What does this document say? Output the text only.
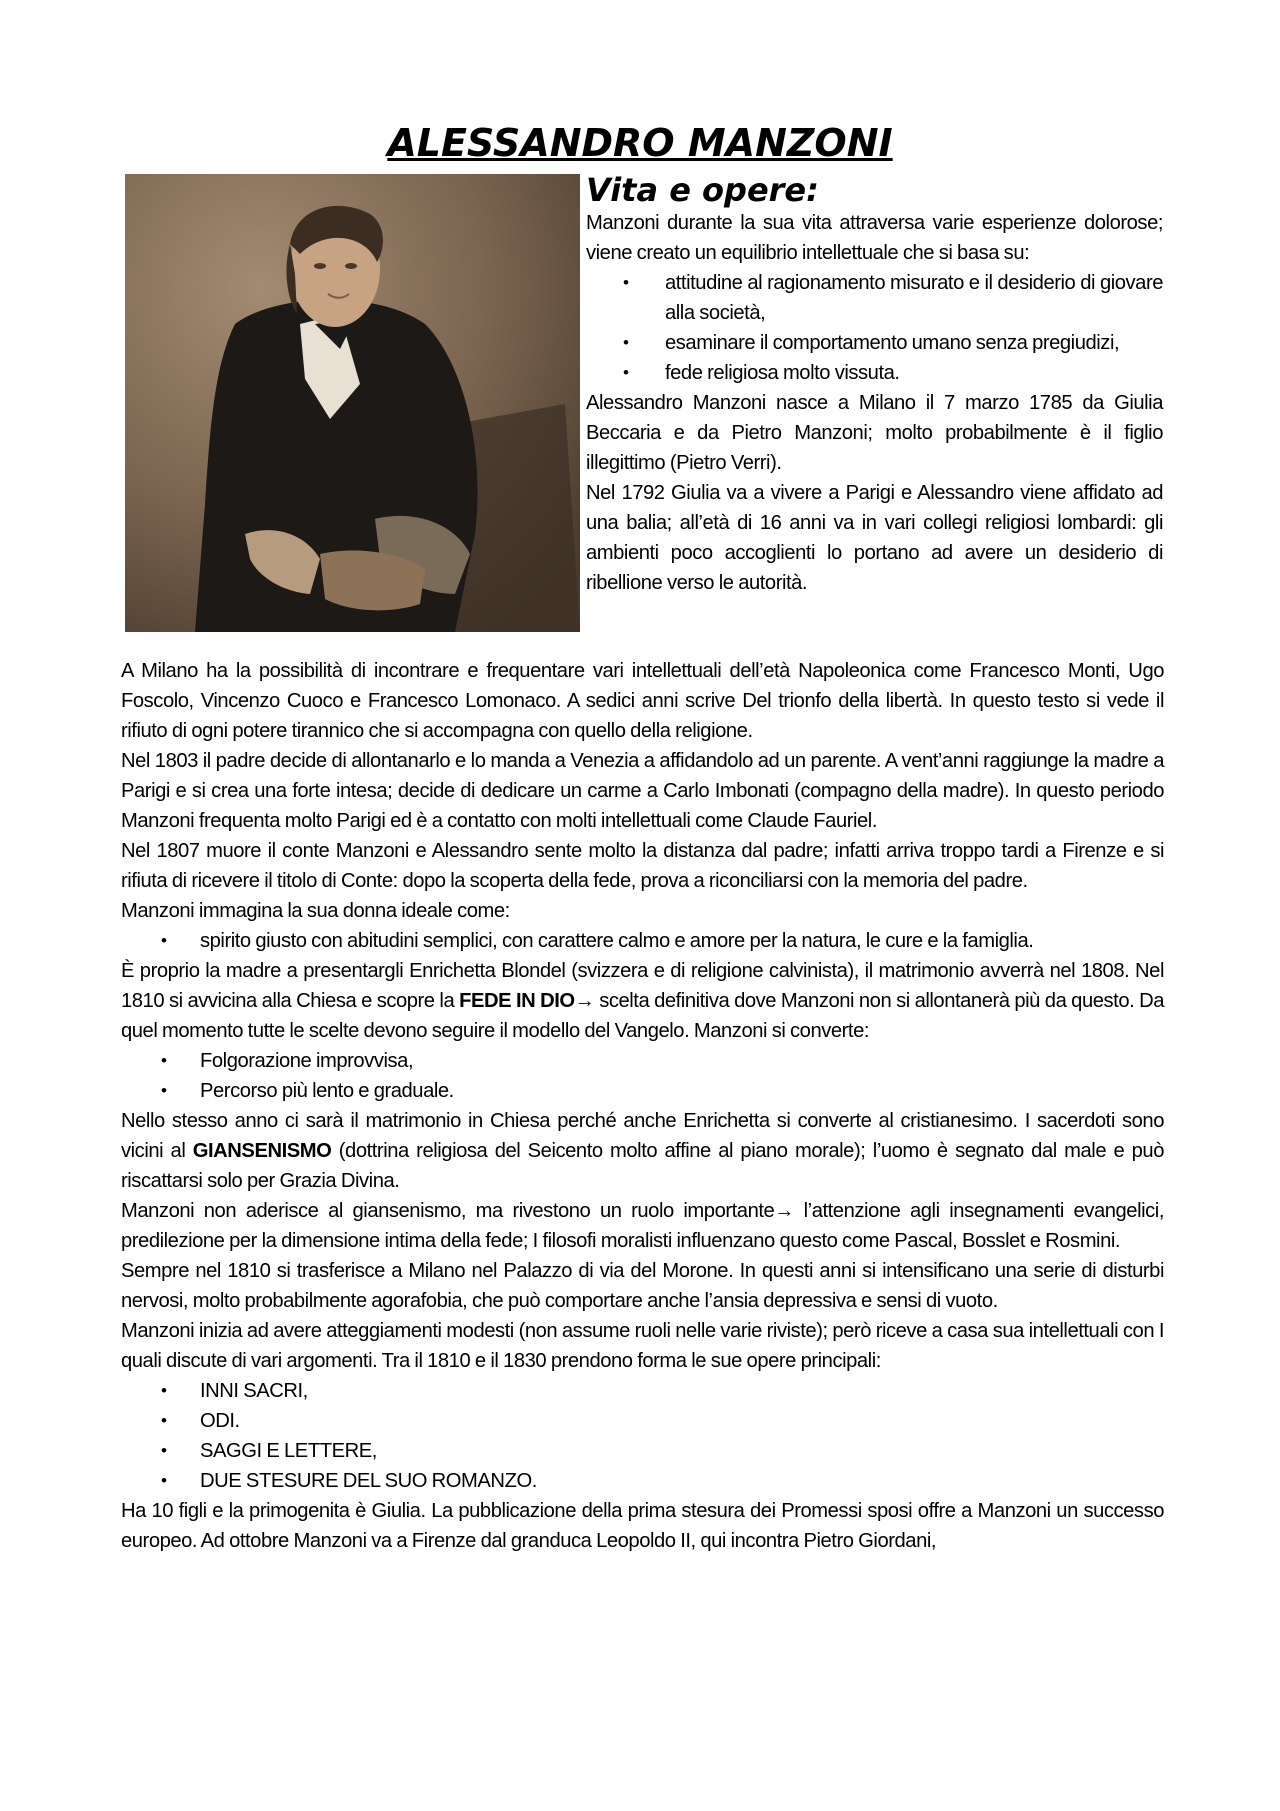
ALESSANDRO MANZONI
Vita e opere:

Manzoni durante la sua vita attraversa varie esperienze dolorose; viene creato un equilibrio intellettuale che si basa su:

• attitudine al ragionamento misurato e il desiderio di giovare alla società,
• esaminare il comportamento umano senza pregiudizi,
• fede religiosa molto vissuta.

Alessandro Manzoni nasce a Milano il 7 marzo 1785 da Giulia Beccaria e da Pietro Manzoni; molto probabilmente è il figlio illegittimo (Pietro Verri).

Nel 1792 Giulia va a vivere a Parigi e Alessandro viene affidato ad una balia; all’età di 16 anni va in vari collegi religiosi lombardi: gli ambienti poco accoglienti lo portano ad avere un desiderio di ribellione verso le autorità.

A Milano ha la possibilità di incontrare e frequentare vari intellettuali dell’età Napoleonica come Francesco Monti, Ugo Foscolo, Vincenzo Cuoco e Francesco Lomonaco. A sedici anni scrive Del trionfo della libertà. In questo testo si vede il rifiuto di ogni potere tirannico che si accompagna con quello della religione.

Nel 1803 il padre decide di allontanarlo e lo manda a Venezia a affidandolo ad un parente. A vent’anni raggiunge la madre a Parigi e si crea una forte intesa; decide di dedicare un carme a Carlo Imbonati (compagno della madre). In questo periodo Manzoni frequenta molto Parigi ed è a contatto con molti intellettuali come Claude Fauriel.

Nel 1807 muore il conte Manzoni e Alessandro sente molto la distanza dal padre; infatti arriva troppo tardi a Firenze e si rifiuta di ricevere il titolo di Conte: dopo la scoperta della fede, prova a riconciliarsi con la memoria del padre.

Manzoni immagina la sua donna ideale come:

• spirito giusto con abitudini semplici, con carattere calmo e amore per la natura, le cure e la famiglia.

È proprio la madre a presentargli Enrichetta Blondel (svizzera e di religione calvinista), il matrimonio avverrà nel 1808. Nel 1810 si avvicina alla Chiesa e scopre la FEDE IN DIO→ scelta definitiva dove Manzoni non si allontanerà più da questo. Da quel momento tutte le scelte devono seguire il modello del Vangelo. Manzoni si converte:

• Folgorazione improvvisa,
• Percorso più lento e graduale.

Nello stesso anno ci sarà il matrimonio in Chiesa perché anche Enrichetta si converte al cristianesimo. I sacerdoti sono vicini al GIANSENISMO (dottrina religiosa del Seicento molto affine al piano morale); l’uomo è segnato dal male e può riscattarsi solo per Grazia Divina.

Manzoni non aderisce al giansenismo, ma rivestono un ruolo importante→ l’attenzione agli insegnamenti evangelici, predilezione per la dimensione intima della fede; I filosofi moralisti influenzano questo come Pascal, Bosslet e Rosmini.

Sempre nel 1810 si trasferisce a Milano nel Palazzo di via del Morone. In questi anni si intensificano una serie di disturbi nervosi, molto probabilmente agorafobia, che può comportare anche l’ansia depressiva e sensi di vuoto.

Manzoni inizia ad avere atteggiamenti modesti (non assume ruoli nelle varie riviste); però riceve a casa sua intellettuali con I quali discute di vari argomenti. Tra il 1810 e il 1830 prendono forma le sue opere principali:

• INNI SACRI,
• ODI.
• SAGGI E LETTERE,
• DUE STESURE DEL SUO ROMANZO.

Ha 10 figli e la primogenita è Giulia. La pubblicazione della prima stesura dei Promessi sposi offre a Manzoni un successo europeo. Ad ottobre Manzoni va a Firenze dal granduca Leopoldo II, qui incontra Pietro Giordani,
